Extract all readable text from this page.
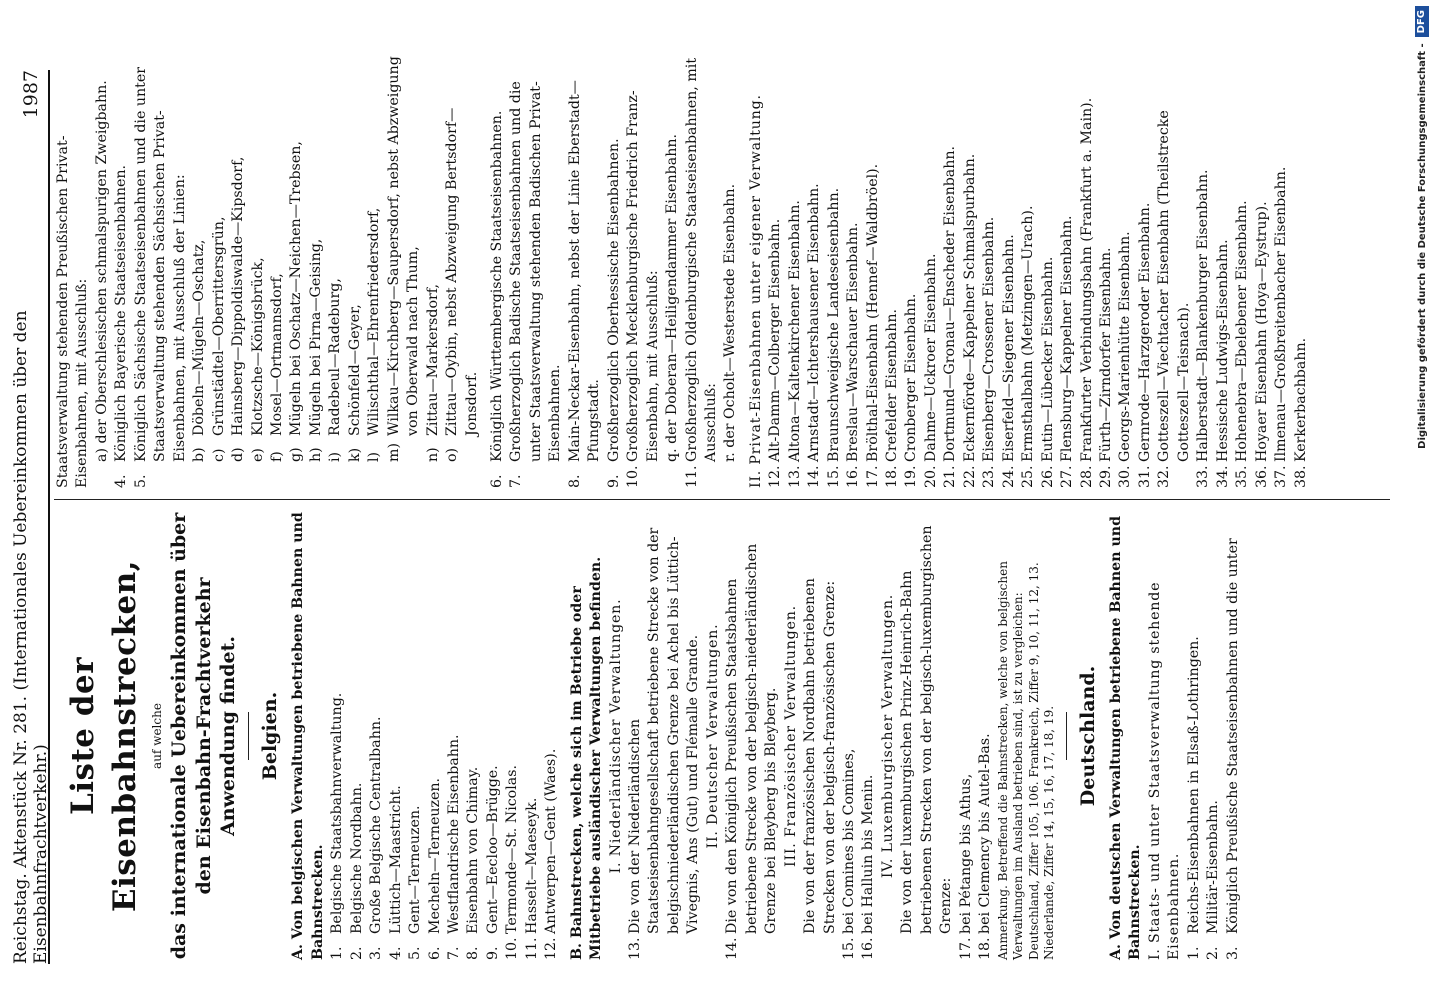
Reichstag. Aktenstück Nr. 281. (Internationales Uebereinkommen über den Eisenbahnfrachtverkehr.)
1987
Liste der Eisenbahnstrecken, auf welche das internationale Uebereinkommen über den Eisenbahn-Frachtverkehr Anwendung findet. Belgien. A. Von belgischen Verwaltungen betriebene Bahnen und Bahnstrecken. 1.
Belgische Staatsbahnverwaltung.
2.
Belgische Nordbahn.
3.
Große Belgische Centralbahn.
4.
Lüttich—Maastricht.
5.
Gent—Terneuzen.
6.
Mecheln—Terneuzen.
7.
Westflandrische Eisenbahn.
8.
Eisenbahn von Chimay.
9.
Gent—Eecloo—Brügge.
10.
Termonde—St. Nicolas.
11.
Hasselt—Maeseyk.
12.
Antwerpen—Gent (Waes). B. Bahnstrecken, welche sich im Betriebe oder Mitbetriebe ausländischer Verwaltungen befinden. I. Niederländischer Verwaltungen.
13.
Die von der Niederländischen Staatseisenbahngesellschaft betriebene Strecke von der belgischniederländischen Grenze bei Achel bis Lüttich-Vivegnis, Ans (Gut) und Flémalle Grande. II. Deutscher Verwaltungen.
14.
Die von den Königlich Preußischen Staatsbahnen betriebene Strecke von der belgisch-niederländischen Grenze bei Bleyberg bis Bleyberg. III. Französischer Verwaltungen. Die von der französischen Nordbahn betriebenen Strecken von der belgisch-französischen Grenze:
15.
bei Comines bis Comines,
16.
bei Halluin bis Menin. IV. Luxemburgischer Verwaltungen. Die von der luxemburgischen Prinz-Heinrich-Bahn betriebenen Strecken von der belgisch-luxemburgischen Grenze:
17.
bei Pétange bis Athus,
18.
bei Clemency bis Autel-Bas. Anmerkung. Betreffend die Bahnstrecken, welche von belgischen Verwaltungen im Ausland betrieben sind, ist zu vergleichen: Deutschland, Ziffer 105, 106. Frankreich, Ziffer 9, 10, 11, 12, 13. Niederlande, Ziffer 14, 15, 16, 17, 18, 19. Deutschland. A. Von deutschen Verwaltungen betriebene Bahnen und Bahnstrecken. I. Staats- und unter Staatsverwaltung stehende Eisenbahnen. 1.
Reichs-Eisenbahnen in Elsaß-Lothringen.
2.
Militär-Eisenbahn.
3.
Königlich Preußische Staatseisenbahnen und die unter
Staatsverwaltung stehenden Preußischen Privat-Eisenbahnen, mit Ausschluß: a) der Oberschlesischen schmalspurigen Zweigbahn.
4.
Königlich Bayerische Staatseisenbahnen.
5.
Königlich Sächsische Staatseisenbahnen und die unter Staatsverwaltung stehenden Sächsischen Privat-Eisenbahnen, mit Ausschluß der Linien: b)
Döbeln—Mügeln—Oschatz,
c)
Grünstädtel—Oberrittersgrün,
d)
Hainsberg—Dippoldiswalde—Kipsdorf,
e)
Klotzsche—Königsbrück,
f)
Mosel—Ortmannsdorf,
g)
Mügeln bei Oschatz—Neichen—Trebsen,
h)
Mügeln bei Pirna—Geising,
i)
Radebeul—Radeburg,
k)
Schönfeld—Geyer,
l)
Wilischthal—Ehrenfriedersdorf,
m)
Wilkau—Kirchberg—Saupersdorf, nebst Abzweigung von Oberwald nach Thum,
n)
Zittau—Markersdorf,
o)
Zittau—Oybin, nebst Abzweigung Bertsdorf—Jonsdorf.
6.
Königlich Württembergische Staatseisenbahnen.
7.
Großherzoglich Badische Staatseisenbahnen und die unter Staatsverwaltung stehenden Badischen Privat-Eisenbahnen.
8.
Main-Neckar-Eisenbahn, nebst der Linie Eberstadt—Pfungstadt.
9.
Großherzoglich Oberhessische Eisenbahnen.
10.
Großherzoglich Mecklenburgische Friedrich Franz-Eisenbahn, mit Ausschluß: q. der Doberan—Heiligendammer Eisenbahn.
11.
Großherzoglich Oldenburgische Staatseisenbahnen, mit Ausschluß: r. der Ocholt—Westerstede Eisenbahn. II. Privat-Eisenbahnen unter eigener Verwaltung. 12.
Alt-Damm—Colberger Eisenbahn.
13.
Altona—Kaltenkirchener Eisenbahn.
14.
Arnstadt—Ichtershausener Eisenbahn.
15.
Braunschweigische Landeseisenbahn.
16.
Breslau—Warschauer Eisenbahn.
17.
Brölthal-Eisenbahn (Hennef—Waldbröel).
18.
Crefelder Eisenbahn.
19.
Cronberger Eisenbahn.
20.
Dahme—Uckroer Eisenbahn.
21.
Dortmund—Gronau—Enscheder Eisenbahn.
22.
Eckernförde—Kappelner Schmalspurbahn.
23.
Eisenberg—Crossener Eisenbahn.
24.
Eiserfeld—Siegener Eisenbahn.
25.
Ermsthalbahn (Metzingen—Urach).
26.
Eutin—Lübecker Eisenbahn.
27.
Flensburg—Kappelner Eisenbahn.
28.
Frankfurter Verbindungsbahn (Frankfurt a. Main).
29.
Fürth—Zirndorfer Eisenbahn.
30.
Georgs-Marienhütte Eisenbahn.
31.
Gernrode—Harzgeroder Eisenbahn.
32.
Gotteszell—Viechtacher Eisenbahn (Theilstrecke Gotteszell—Teisnach).
33.
Halberstadt—Blankenburger Eisenbahn.
34.
Hessische Ludwigs-Eisenbahn.
35.
Hohenebra—Ebelebener Eisenbahn.
36.
Hoyaer Eisenbahn (Hoya—Eystrup).
37.
Ilmenau—Großbreitenbacher Eisenbahn.
38.
Kerkerbachbahn.	Digitalisierung gefördert durch die Deutsche Forschungsgemeinschaft -
DFG
